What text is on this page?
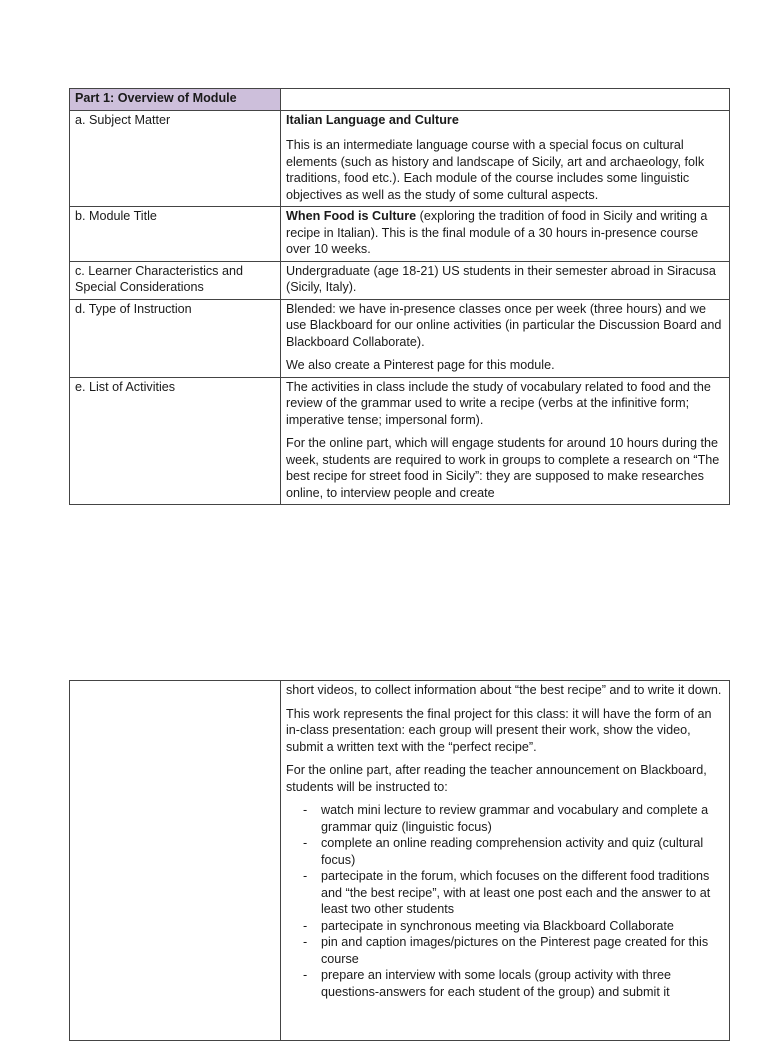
Part 1: Overview of Module	
a. Subject Matter	Italian Language and Culture

This is an intermediate language course with a special focus on cultural elements (such as history and landscape of Sicily, art and archaeology, folk traditions, food etc.). Each module of the course includes some linguistic objectives as well as the study of some cultural aspects.

b. Module Title	When Food is Culture (exploring the tradition of food in Sicily and writing a recipe in Italian). This is the final module of a 30 hours in-presence course over 10 weeks.
c. Learner Characteristics and Special Considerations	Undergraduate (age 18-21) US students in their semester abroad in Siracusa (Sicily, Italy).
d. Type of Instruction	Blended: we have in-presence classes once per week (three hours) and we use Blackboard for our online activities (in particular the Discussion Board and Blackboard Collaborate).

We also create a Pinterest page for this module.

e. List of Activities	The activities in class include the study of vocabulary related to food and the review of the grammar used to write a recipe (verbs at the infinitive form; imperative tense; impersonal form).

For the online part, which will engage students for around 10 hours during the week, students are required to work in groups to complete a research on “The best recipe for street food in Sicily”: they are supposed to make researches online, to interview people and create

short videos, to collect information about “the best recipe” and to write it down.

This work represents the final project for this class: it will have the form of an in-class presentation: each group will present their work, show the video, submit a written text with the “perfect recipe”.

For the online part, after reading the teacher announcement on Blackboard, students will be instructed to:

- watch mini lecture to review grammar and vocabulary and complete a grammar quiz (linguistic focus)
- complete an online reading comprehension activity and quiz (cultural focus)
- partecipate in the forum, which focuses on the different food traditions and “the best recipe”, with at least one post each and the answer to at least two other students
- partecipate in synchronous meeting via Blackboard Collaborate
- pin and caption images/pictures on the Pinterest page created for this course
- prepare an interview with some locals (group activity with three questions-answers for each student of the group) and submit it
